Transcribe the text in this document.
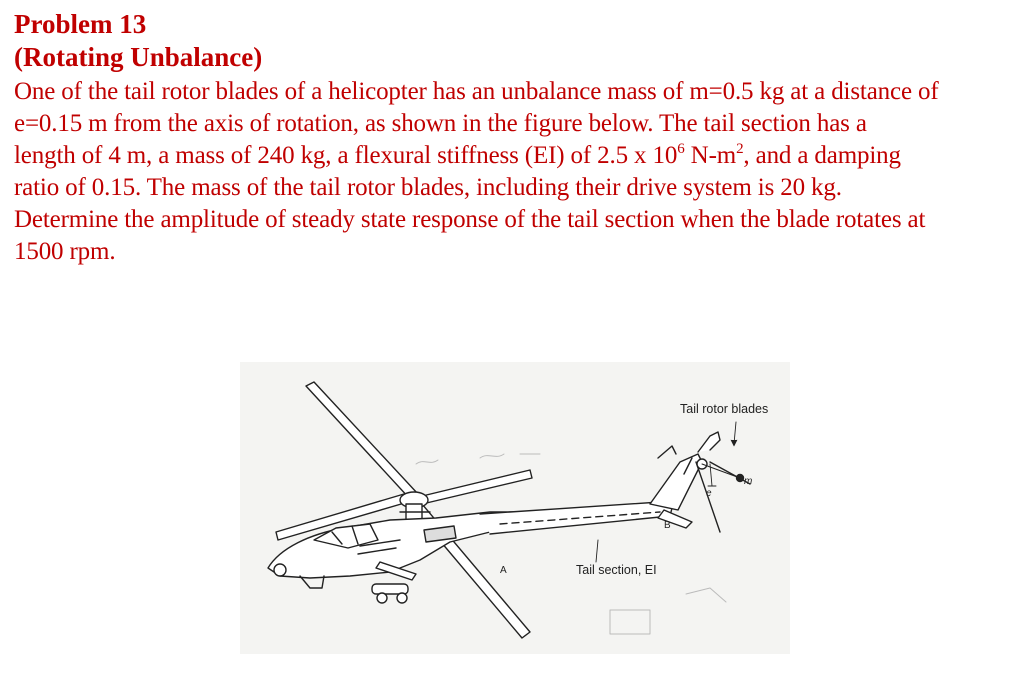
Problem 13

(Rotating Unbalance)

One of the tail rotor blades of a helicopter has an unbalance mass of m=0.5 kg at a distance of
e=0.15 m from the axis of rotation, as shown in the figure below. The tail section has a
length of 4 m, a mass of 240 kg, a flexural stiffness (EI) of 2.5 x $10^6$ $N-m^2$, and a damping
ratio of 0.15. The mass of the tail rotor blades, including their drive system is 20 kg.
Determine the amplitude of steady state response of the tail section when the blade rotates at
1500 rpm.

Tail rotor blades
Tail section, EI
A
B
m
e
